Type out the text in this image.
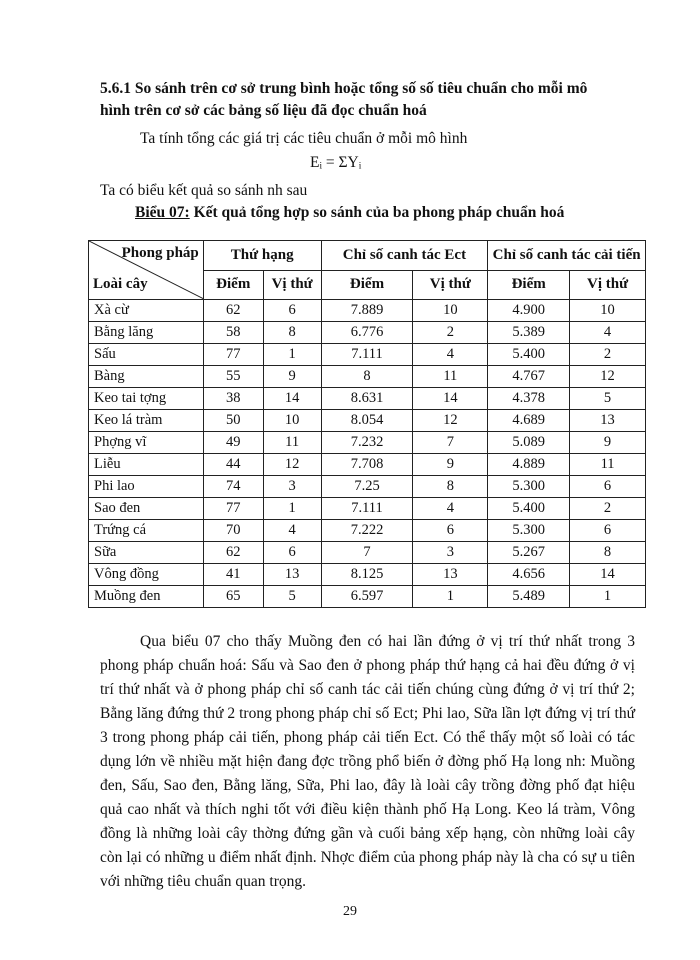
5.6.1 So sánh trên cơ sở trung bình hoặc tổng số số tiêu chuẩn cho mỗi mô
hình trên cơ sở các bảng số liệu đã đọc chuẩn hoá
Ta tính tổng các giá trị các tiêu chuẩn ở mỗi mô hình
Eᵢ = ΣYᵢ
Ta có biểu kết quả so sánh nh sau
Biểu 07: Kết quả tổng hợp so sánh của ba phong pháp chuẩn hoá
Phong pháp
Loài cây	Thứ hạng		Chỉ số canh tác Ect		Chỉ số canh tác cải tiến	
	Điểm	Vị thứ	Điểm	Vị thứ	Điểm	Vị thứ
Xà cừ	62	6	7.889	10	4.900	10
Bằng lăng	58	8	6.776	2	5.389	4
Sấu	77	1	7.111	4	5.400	2
Bàng	55	9	8	11	4.767	12
Keo tai tợng	38	14	8.631	14	4.378	5
Keo lá tràm	50	10	8.054	12	4.689	13
Phợng vĩ	49	11	7.232	7	5.089	9
Liễu	44	12	7.708	9	4.889	11
Phi lao	74	3	7.25	8	5.300	6
Sao đen	77	1	7.111	4	5.400	2
Trứng cá	70	4	7.222	6	5.300	6
Sữa	62	6	7	3	5.267	8
Vông đồng	41	13	8.125	13	4.656	14
Muồng đen	65	5	6.597	1	5.489	1
Qua biểu 07 cho thấy Muồng đen có hai lần đứng ở vị trí thứ nhất trong 3 phong pháp chuẩn hoá: Sấu và Sao đen ở phong pháp thứ hạng cả hai đều đứng ở vị trí thứ nhất và ở phong pháp chỉ số canh tác cải tiến chúng cùng đứng ở vị trí thứ 2; Bằng lăng đứng thứ 2 trong phong pháp chỉ số Ect; Phi lao, Sữa lần lợt đứng vị trí thứ 3 trong phong pháp cải tiến, phong pháp cải tiến Ect. Có thể thấy một số loài có tác dụng lớn về nhiều mặt hiện đang đợc trồng phổ biến ở đờng phố Hạ long nh: Muồng đen, Sấu, Sao đen, Bằng lăng, Sữa, Phi lao, đây là loài cây trồng đờng phố đạt hiệu quả cao nhất và thích nghi tốt với điều kiện thành phố Hạ Long. Keo lá tràm, Vông đồng là những loài cây thờng đứng gần và cuối bảng xếp hạng, còn những loài cây còn lại có những u điểm nhất định. Nhợc điểm của phong pháp này là cha có sự u tiên với những tiêu chuẩn quan trọng.
29
